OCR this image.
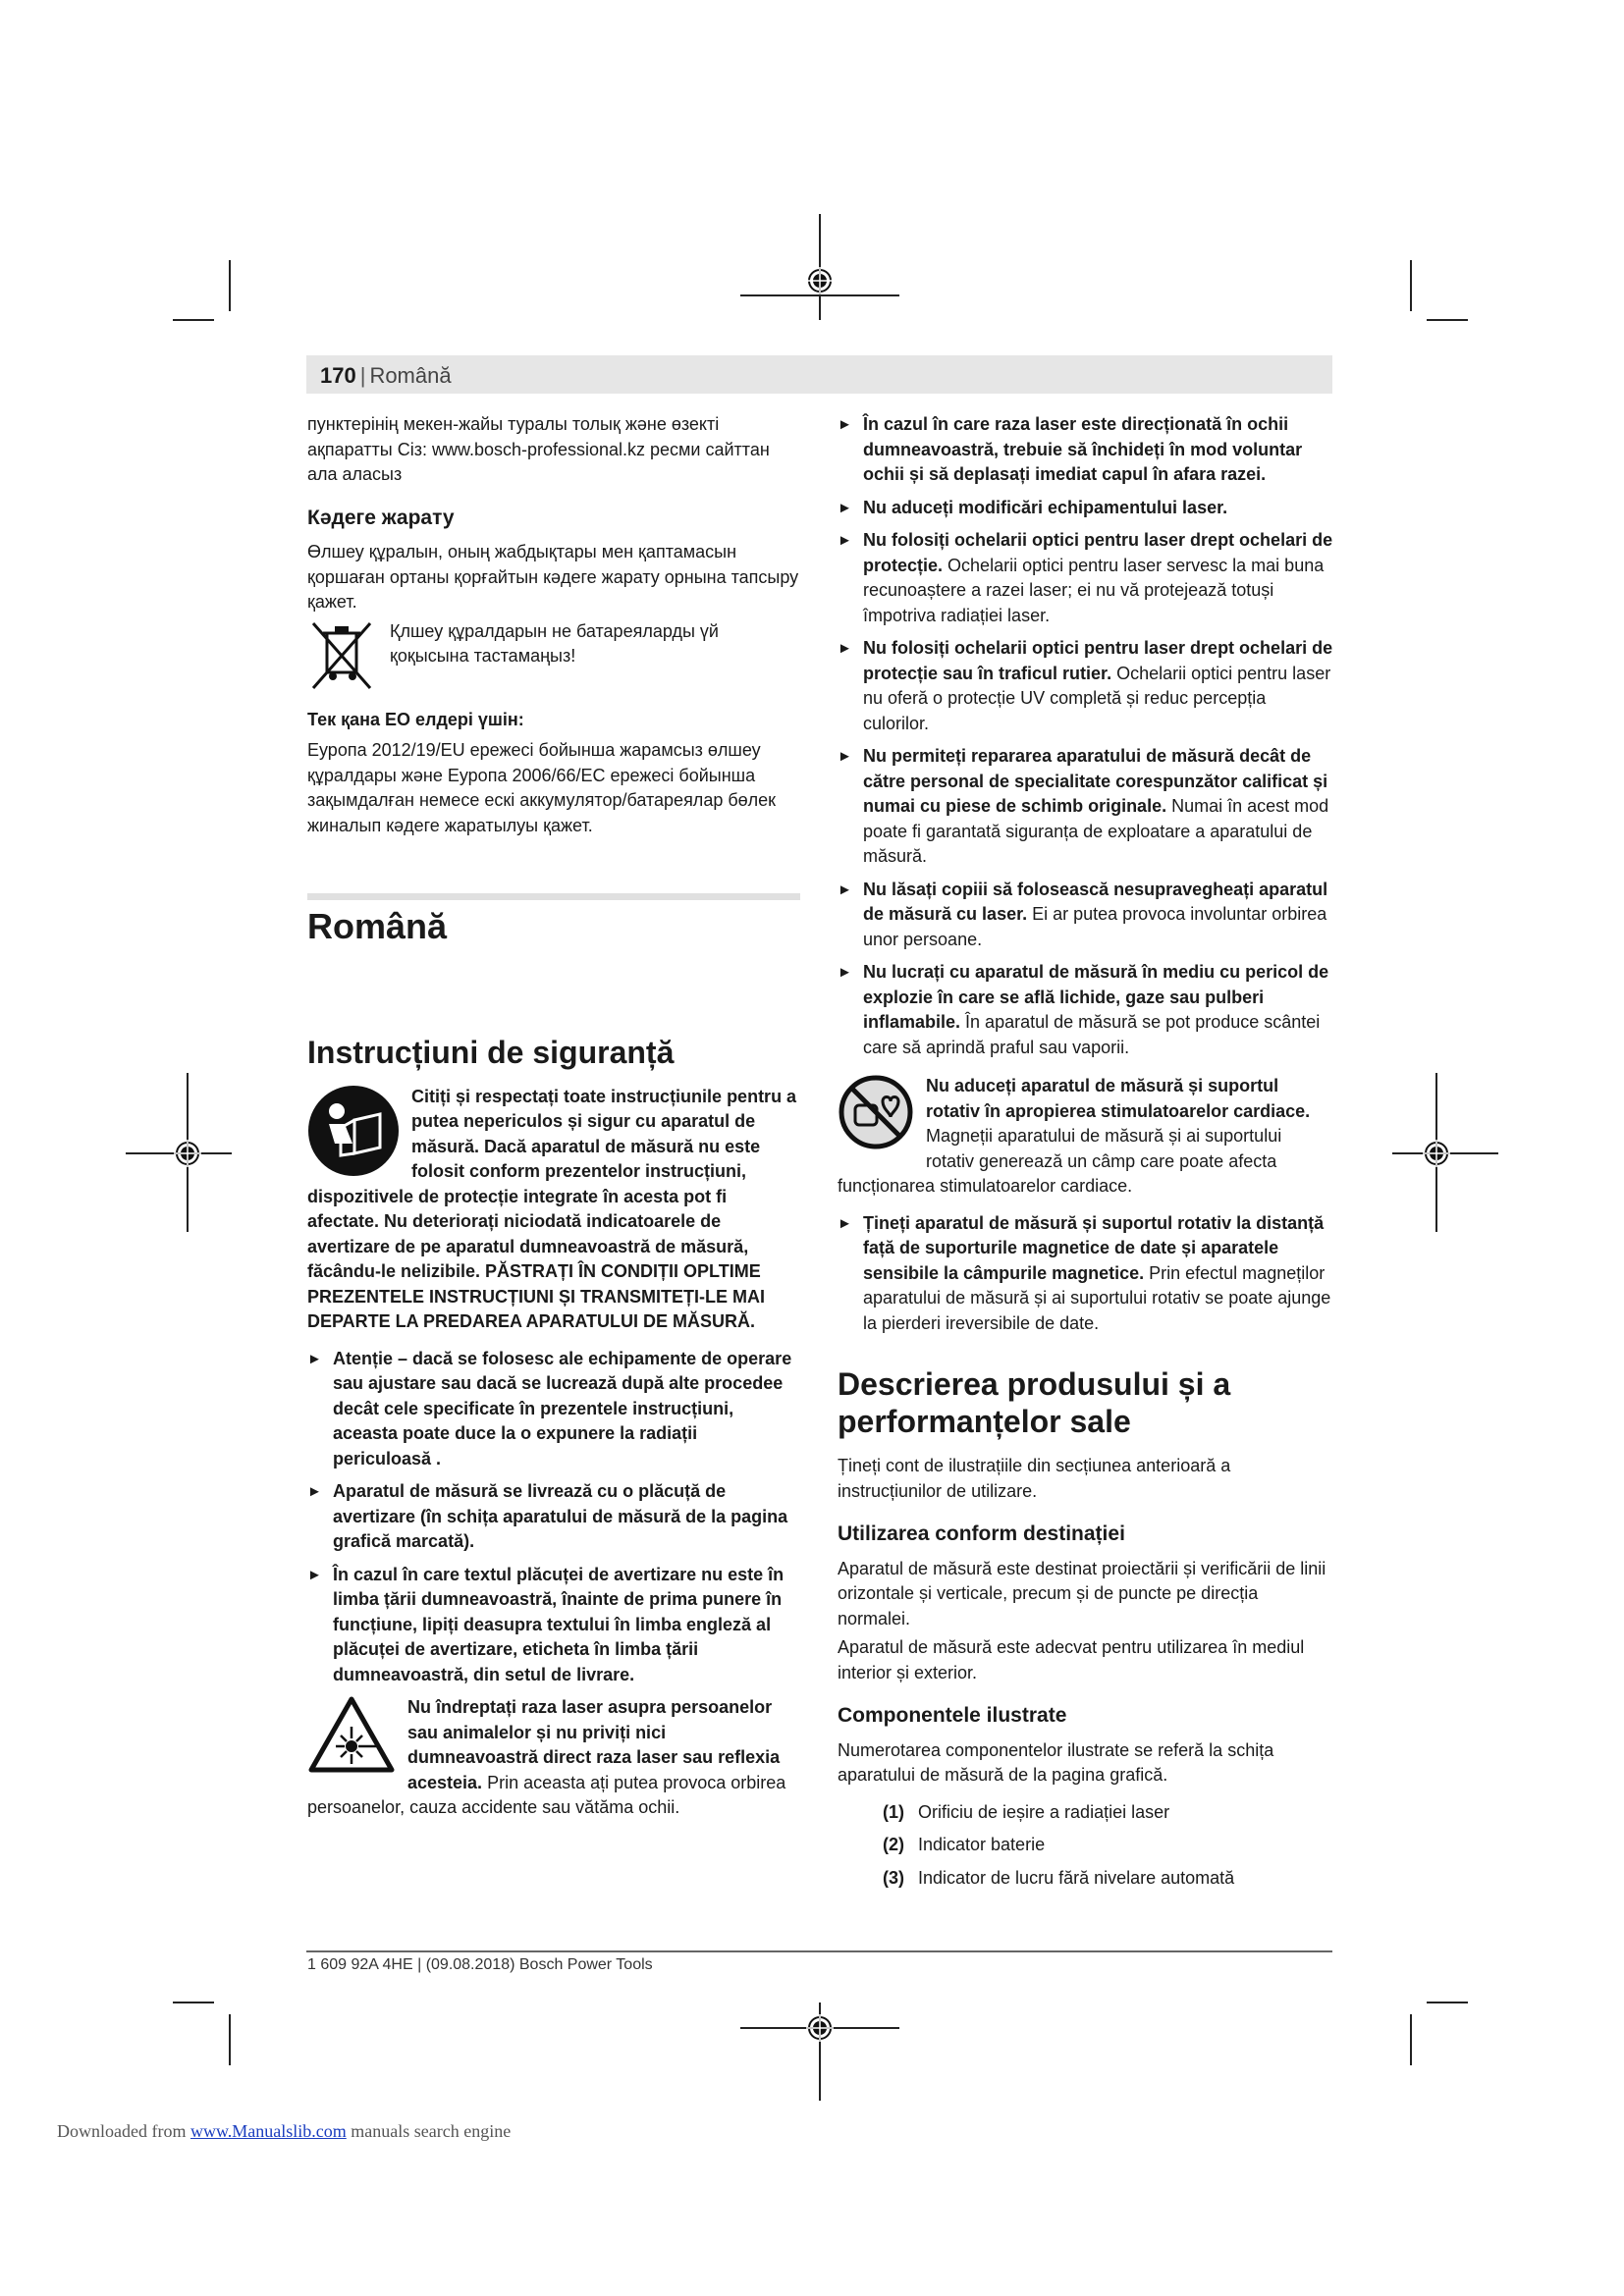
170 | Română

пунктерінің мекен-жайы туралы толық және өзекті ақпаратты Сіз: www.bosch-professional.kz ресми сайттан ала аласыз

Кәдеге жарату

Өлшеу құралын, оның жабдықтары мен қаптамасын қоршаған ортаны қорғайтын кәдеге жарату орнына тапсыру қажет.

Қлшеу құралдарын не батареяларды үй қоқысына тастамаңыз!
Тек қана ЕО елдері үшін:

Еуропа 2012/19/EU ережесі бойынша жарамсыз өлшеу құралдары және Еуропа 2006/66/EC ережесі бойынша зақымдалған немесе ескі аккумулятор/батареялар бөлек жиналып кәдеге жаратылуы қажет.

Română
Instrucțiuni de siguranță
Citiți și respectați toate instrucțiunile pentru a putea nepericulos și sigur cu aparatul de măsură. Dacă aparatul de măsură nu este folosit conform prezentelor instrucțiuni, dispozitivele de protecție integrate în acesta pot fi afectate. Nu deteriorați niciodată indicatoarele de avertizare de pe aparatul dumneavoastră de măsură, făcându-le nelizibile. PĂSTRAȚI ÎN CONDIȚII OPLTIME PREZENTELE INSTRUCȚIUNI ȘI TRANSMITEȚI-LE MAI DEPARTE LA PREDAREA APARATULUI DE MĂSURĂ.
► Atenție – dacă se folosesc ale echipamente de operare sau ajustare sau dacă se lucrează după alte procedee decât cele specificate în prezentele instrucțiuni, aceasta poate duce la o expunere la radiații periculoasă .
► Aparatul de măsură se livrează cu o plăcuță de avertizare (în schița aparatului de măsură de la pagina grafică marcată).
► În cazul în care textul plăcuței de avertizare nu este în limba țării dumneavoastră, înainte de prima punere în funcțiune, lipiți deasupra textului în limba engleză al plăcuței de avertizare, eticheta în limba țării dumneavoastră, din setul de livrare.
Nu îndreptați raza laser asupra persoanelor sau animalelor și nu priviți nici dumneavoastră direct raza laser sau reflexia acesteia. Prin aceasta ați putea provoca orbirea persoanelor, cauza accidente sau vătăma ochii.
► În cazul în care raza laser este direcționată în ochii dumneavoastră, trebuie să închideți în mod voluntar ochii și să deplasați imediat capul în afara razei.
► Nu aduceți modificări echipamentului laser.
► Nu folosiți ochelarii optici pentru laser drept ochelari de protecție. Ochelarii optici pentru laser servesc la mai buna recunoaștere a razei laser; ei nu vă protejează totuși împotriva radiației laser.
► Nu folosiți ochelarii optici pentru laser drept ochelari de protecție sau în traficul rutier. Ochelarii optici pentru laser nu oferă o protecție UV completă și reduc percepția culorilor.
► Nu permiteți repararea aparatului de măsură decât de către personal de specialitate corespunzător calificat și numai cu piese de schimb originale. Numai în acest mod poate fi garantată siguranța de exploatare a aparatului de măsură.
► Nu lăsați copiii să folosească nesupravegheați aparatul de măsură cu laser. Ei ar putea provoca involuntar orbirea unor persoane.
► Nu lucrați cu aparatul de măsură în mediu cu pericol de explozie în care se află lichide, gaze sau pulberi inflamabile. În aparatul de măsură se pot produce scântei care să aprindă praful sau vaporii.
Nu aduceți aparatul de măsură și suportul rotativ în apropierea stimulatoarelor cardiace. Magneții aparatului de măsură și ai suportului rotativ generează un câmp care poate afecta funcționarea stimulatoarelor cardiace.
► Țineți aparatul de măsură și suportul rotativ la distanță față de suporturile magnetice de date și aparatele sensibile la câmpurile magnetice. Prin efectul magneților aparatului de măsură și ai suportului rotativ se poate ajunge la pierderi ireversibile de date.
Descrierea produsului și a performanțelor sale

Țineți cont de ilustrațiile din secțiunea anterioară a instrucțiunilor de utilizare.

Utilizarea conform destinației

Aparatul de măsură este destinat proiectării și verificării de linii orizontale și verticale, precum și de puncte pe direcția normalei.

Aparatul de măsură este adecvat pentru utilizarea în mediul interior și exterior.

Componentele ilustrate

Numerotarea componentelor ilustrate se referă la schița aparatului de măsură de la pagina grafică.

(1) Orificiu de ieșire a radiației laser
(2) Indicator baterie
(3) Indicator de lucru fără nivelare automată
1 609 92A 4HE | (09.08.2018) Bosch Power Tools
Downloaded from www.Manualslib.com manuals search engine
